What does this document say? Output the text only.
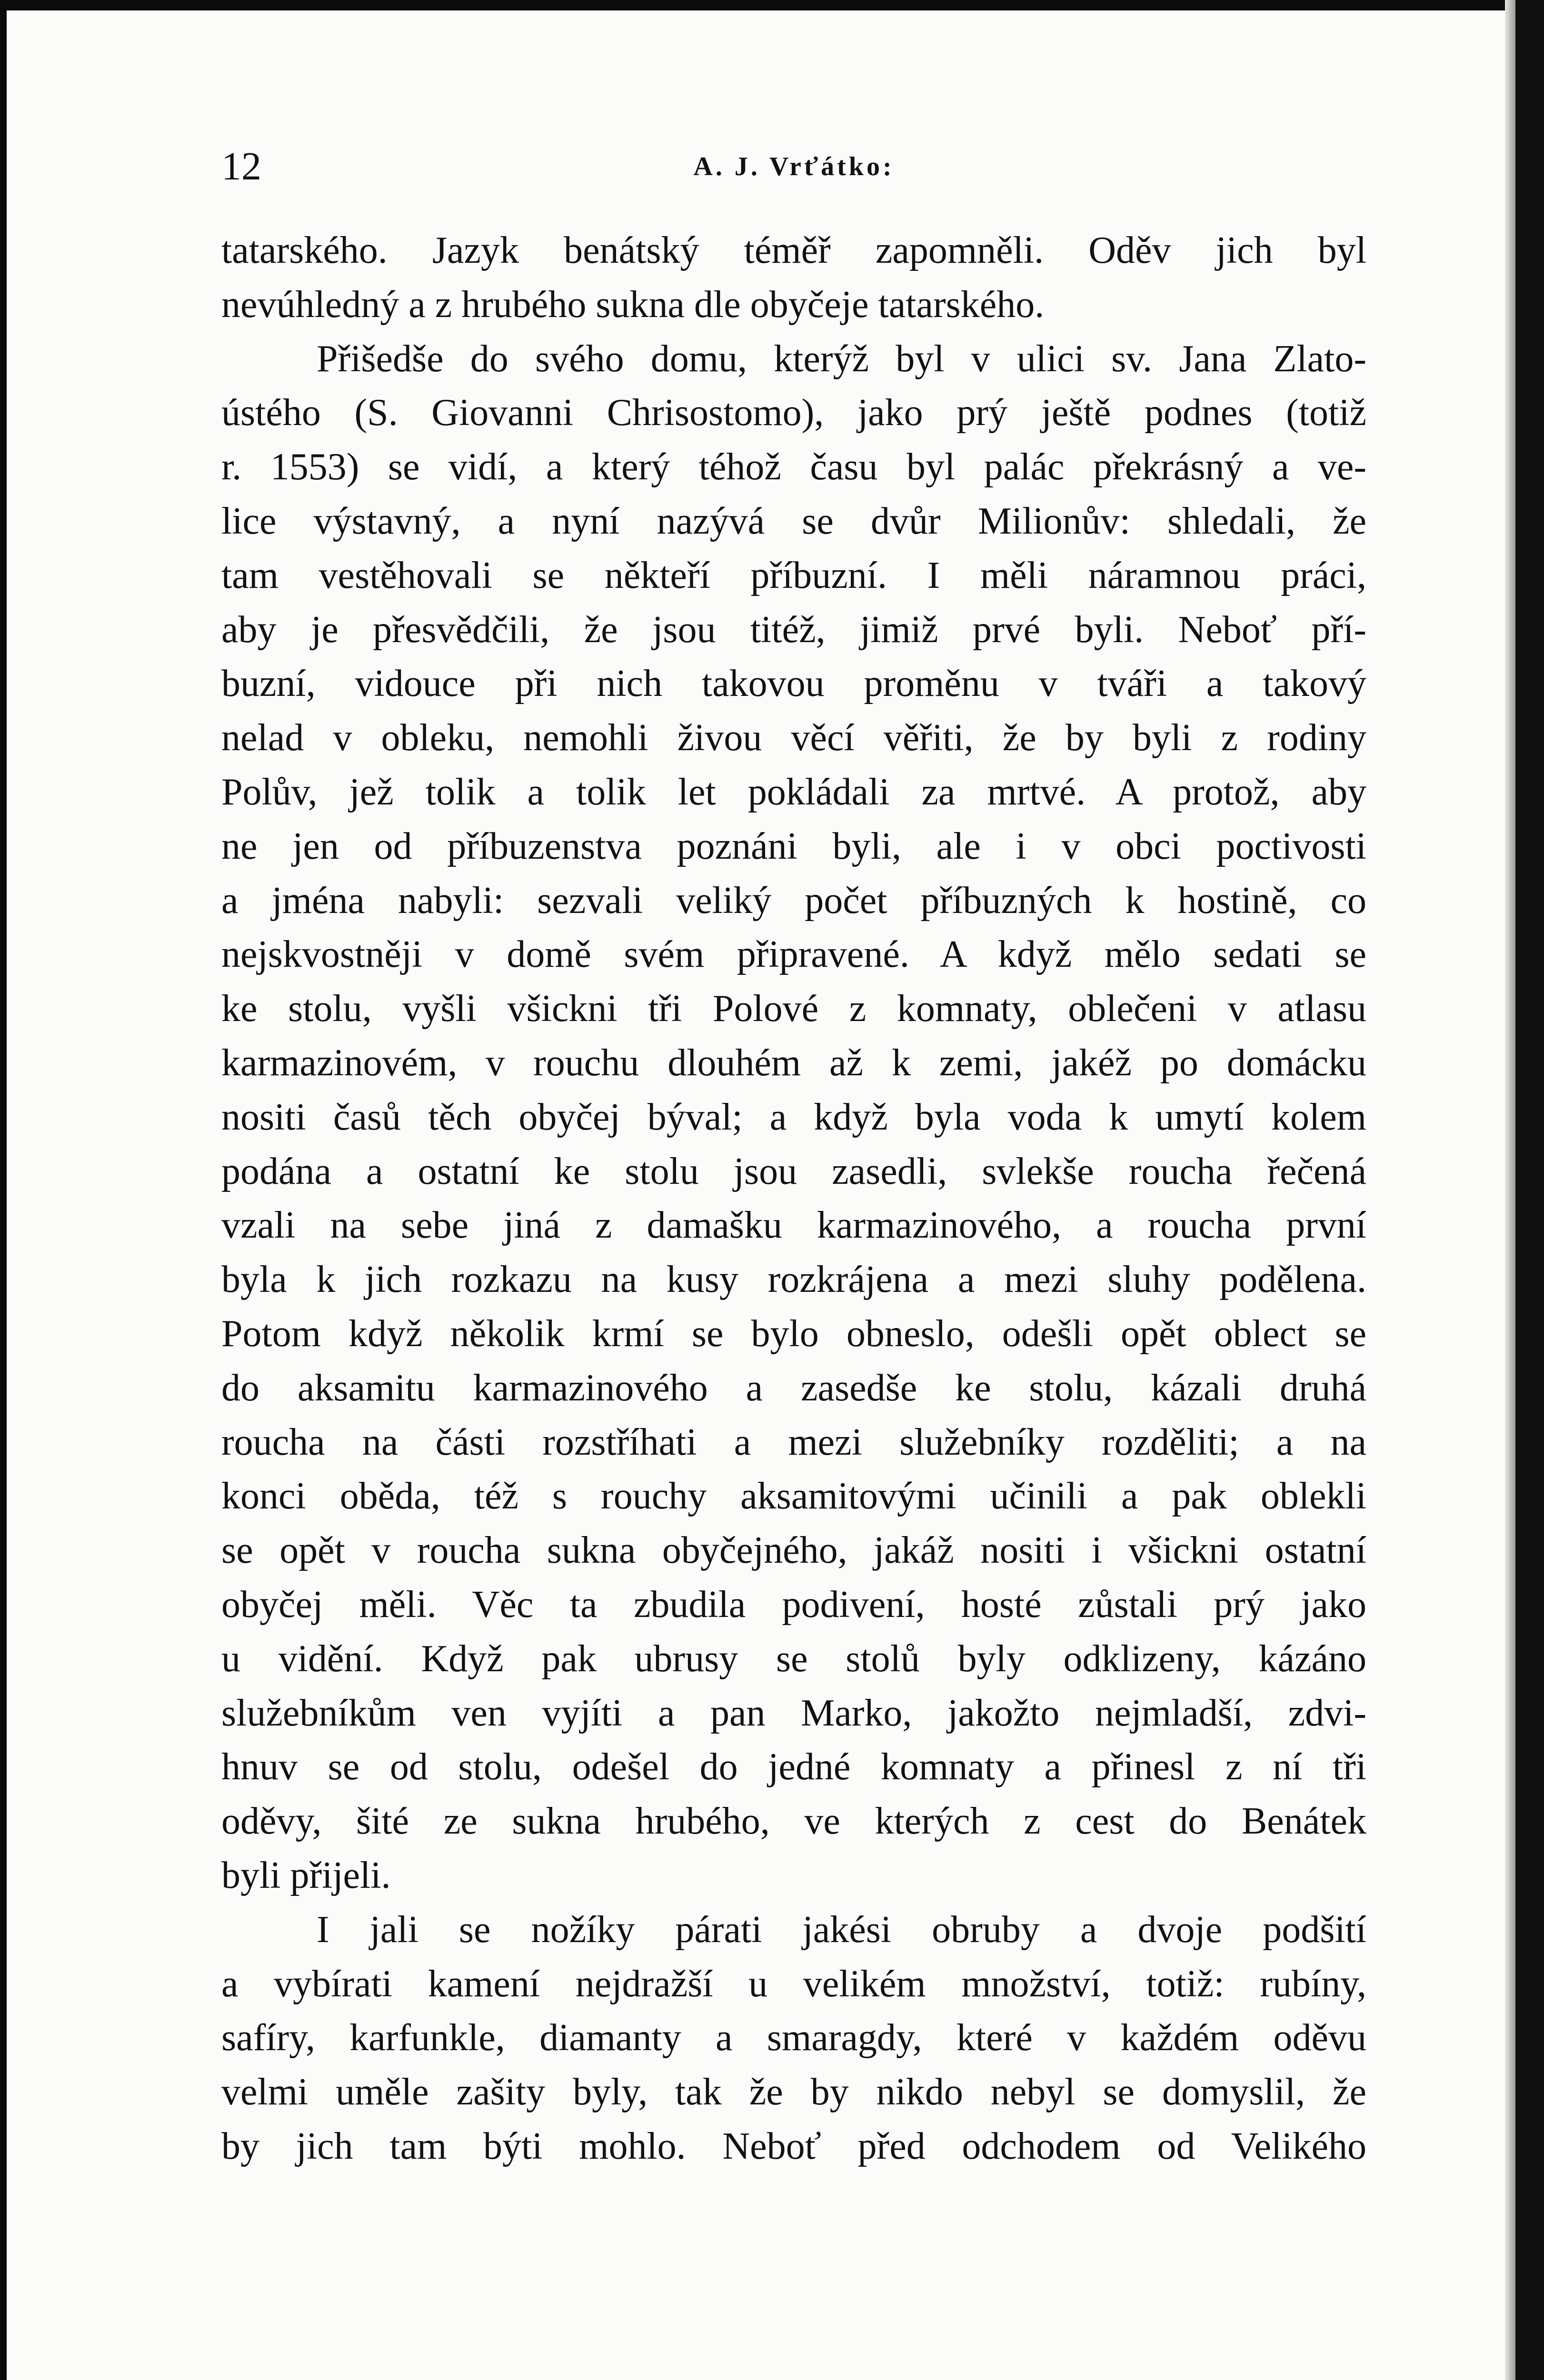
12	A. J. Vrťátko:
tatarského. Jazyk benátský téměř zapomněli. Oděv jich byl
nevúhledný a z hrubého sukna dle obyčeje tatarského.
Přišedše do svého domu, kterýž byl v ulici sv. Jana Zlato-
ústého (S. Giovanni Chrisostomo), jako prý ještě podnes (totiž
r. 1553) se vidí, a který téhož času byl palác překrásný a ve-
lice výstavný, a nyní nazývá se dvůr Milionův: shledali, že
tam vestěhovali se někteří příbuzní. I měli náramnou práci,
aby je přesvědčili, že jsou titéž, jimiž prvé byli. Neboť pří-
buzní, vidouce při nich takovou proměnu v tváři a takový
nelad v obleku, nemohli živou věcí věřiti, že by byli z rodiny
Polův, jež tolik a tolik let pokládali za mrtvé. A protož, aby
ne jen od příbuzenstva poznáni byli, ale i v obci poctivosti
a jména nabyli: sezvali veliký počet příbuzných k hostině, co
nejskvostněji v domě svém připravené. A když mělo sedati se
ke stolu, vyšli všickni tři Polové z komnaty, oblečeni v atlasu
karmazinovém, v rouchu dlouhém až k zemi, jakéž po domácku
nositi časů těch obyčej býval; a když byla voda k umytí kolem
podána a ostatní ke stolu jsou zasedli, svlekše roucha řečená
vzali na sebe jiná z damašku karmazinového, a roucha první
byla k jich rozkazu na kusy rozkrájena a mezi sluhy podělena.
Potom když několik krmí se bylo obneslo, odešli opět oblect se
do aksamitu karmazinového a zasedše ke stolu, kázali druhá
roucha na části rozstříhati a mezi služebníky rozděliti; a na
konci oběda, též s rouchy aksamitovými učinili a pak oblekli
se opět v roucha sukna obyčejného, jakáž nositi i všickni ostatní
obyčej měli. Věc ta zbudila podivení, hosté zůstali prý jako
u vidění. Když pak ubrusy se stolů byly odklizeny, kázáno
služebníkům ven vyjíti a pan Marko, jakožto nejmladší, zdvi-
hnuv se od stolu, odešel do jedné komnaty a přinesl z ní tři
oděvy, šité ze sukna hrubého, ve kterých z cest do Benátek
byli přijeli.
I jali se nožíky párati jakési obruby a dvoje podšití
a vybírati kamení nejdražší u velikém množství, totiž: rubíny,
safíry, karfunkle, diamanty a smaragdy, které v každém oděvu
velmi uměle zašity byly, tak že by nikdo nebyl se domyslil, že
by jich tam býti mohlo. Neboť před odchodem od Velikého
